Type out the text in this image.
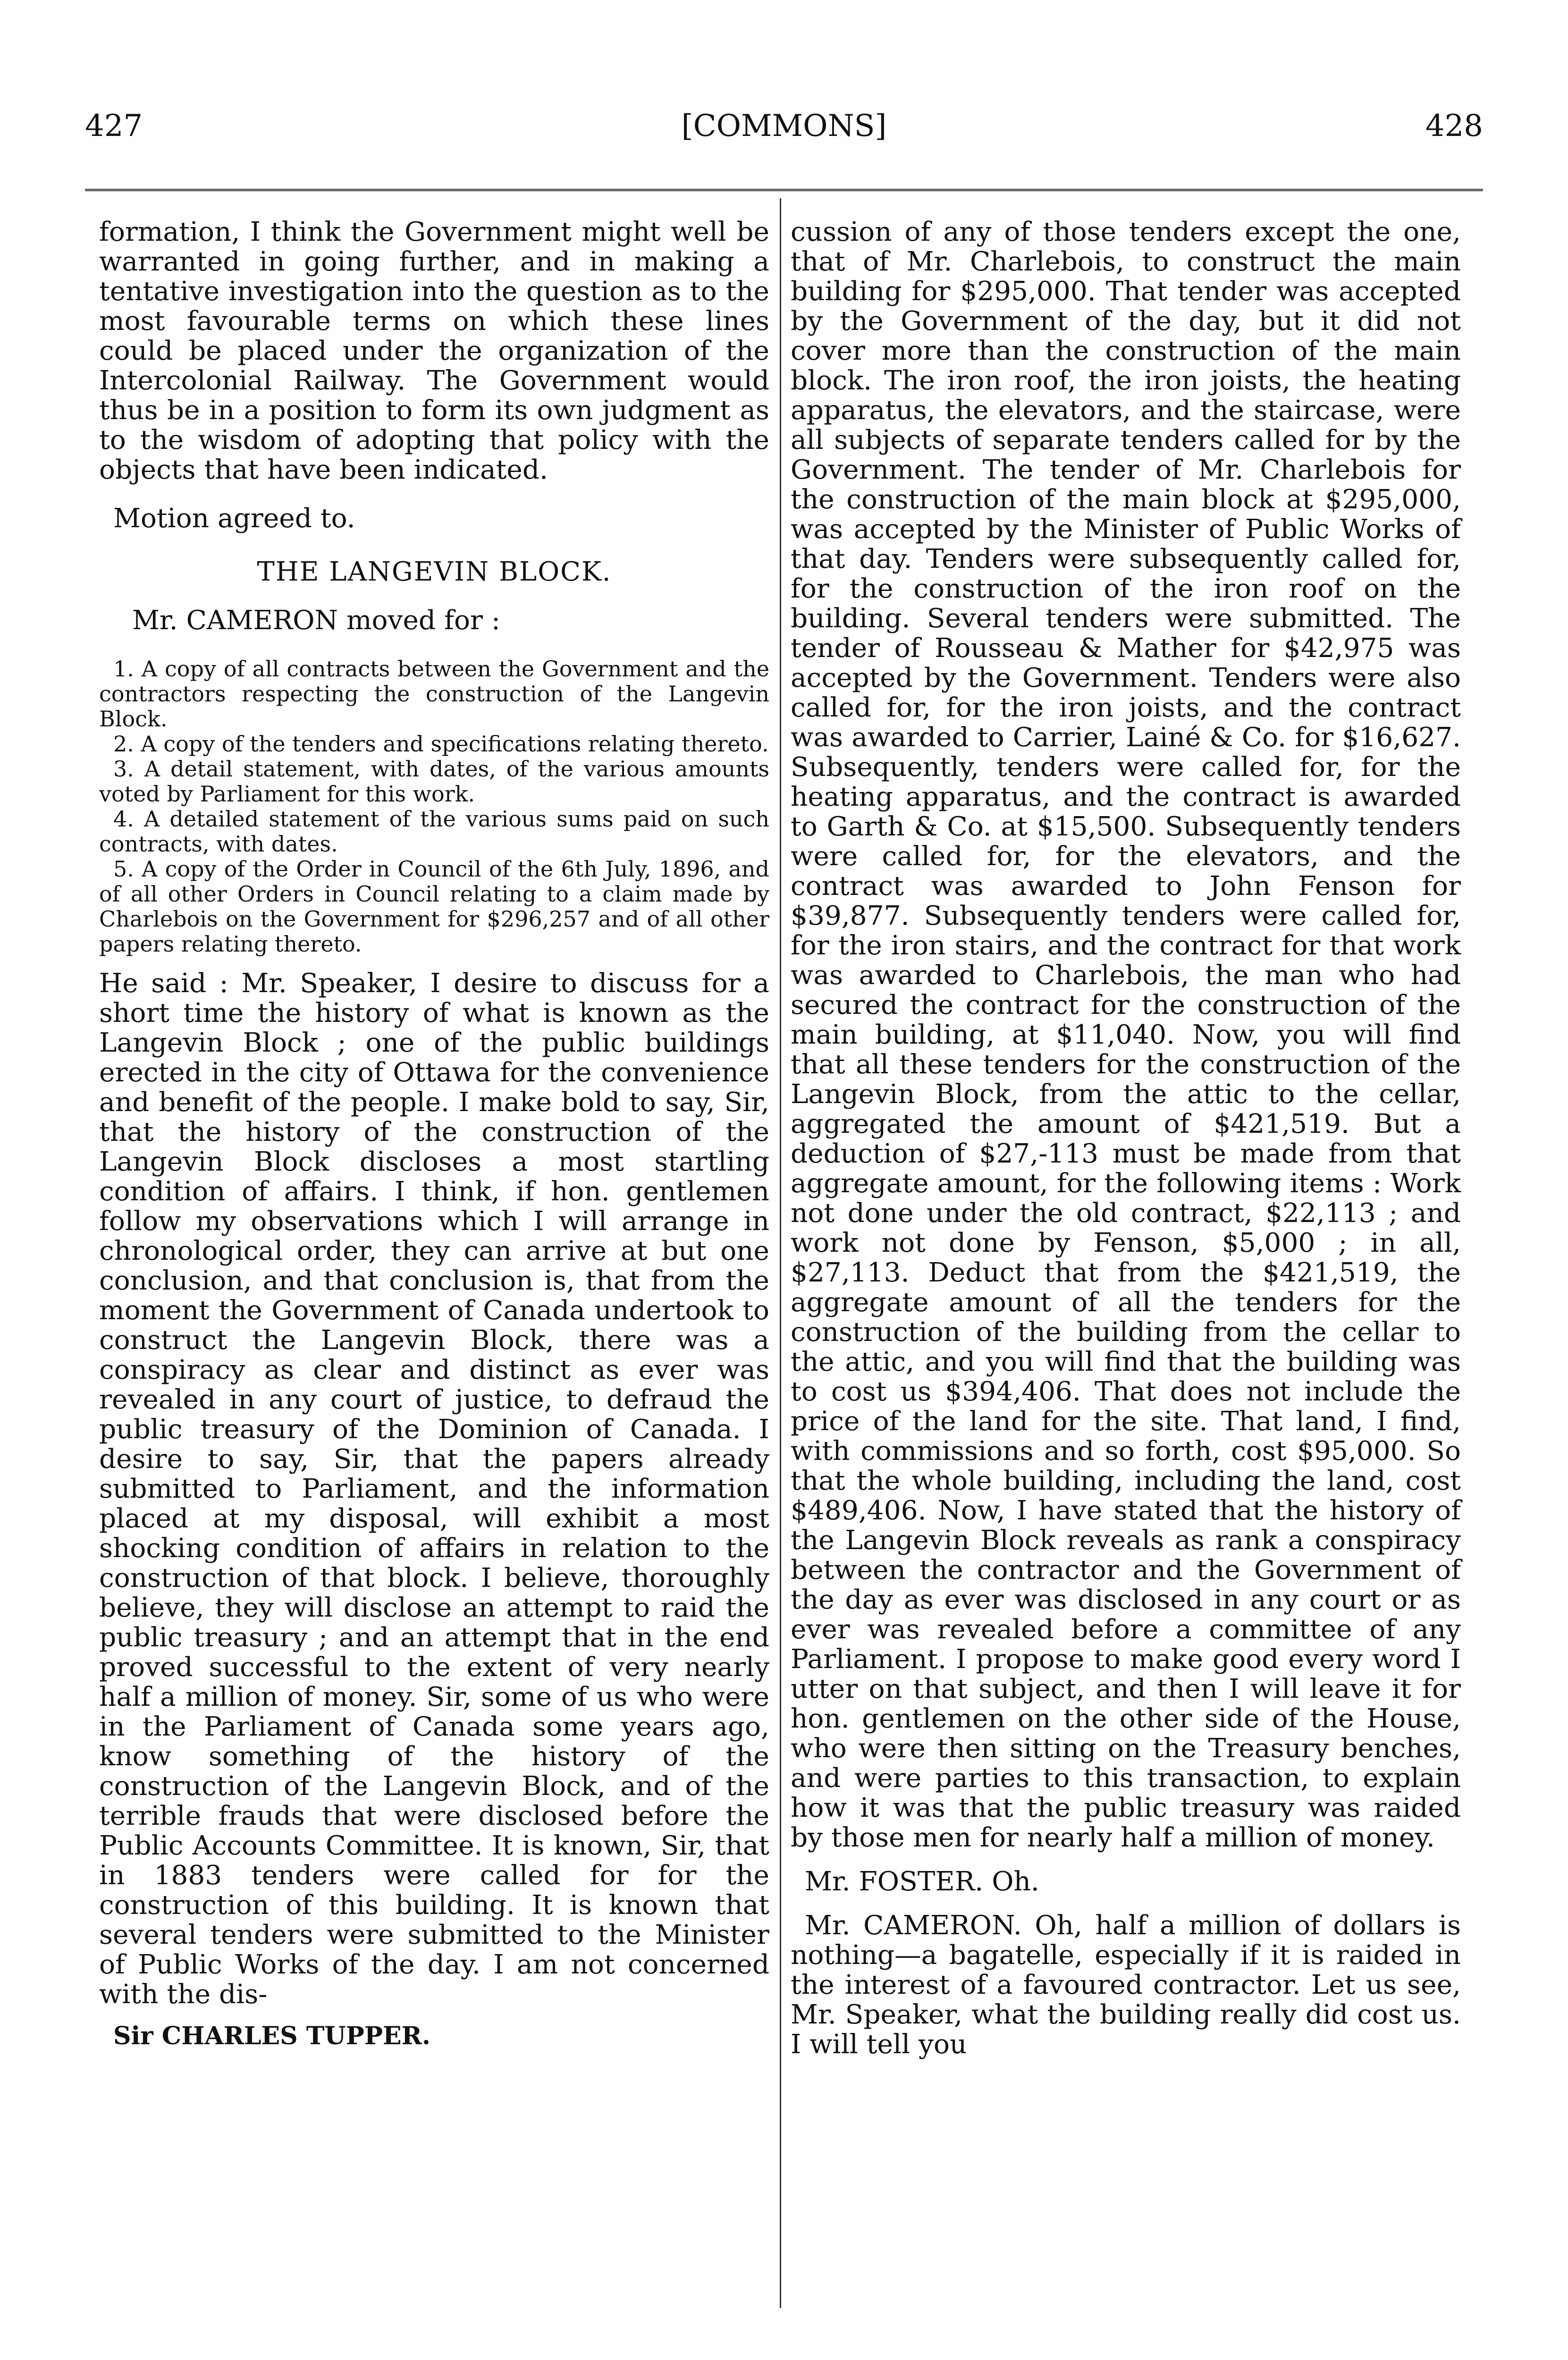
427	[COMMONS]	428

formation, I think the Government might well be warranted in going further, and in making a tentative investigation into the question as to the most favourable terms on which these lines could be placed under the organization of the Intercolonial Railway. The Government would thus be in a position to form its own judgment as to the wisdom of adopting that policy with the objects that have been indicated.

Motion agreed to.

THE LANGEVIN BLOCK.

Mr. CAMERON moved for :

1. A copy of all contracts between the Government and the contractors respecting the construction of the Langevin Block.

2. A copy of the tenders and specifications relating thereto.

3. A detail statement, with dates, of the various amounts voted by Parliament for this work.

4. A detailed statement of the various sums paid on such contracts, with dates.

5. A copy of the Order in Council of the 6th July, 1896, and of all other Orders in Council relating to a claim made by Charlebois on the Government for $296,257 and of all other papers relating thereto.

He said : Mr. Speaker, I desire to discuss for a short time the history of what is known as the Langevin Block ; one of the public buildings erected in the city of Ottawa for the convenience and benefit of the people. I make bold to say, Sir, that the history of the construction of the Langevin Block discloses a most startling condition of affairs. I think, if hon. gentlemen follow my observations which I will arrange in chronological order, they can arrive at but one conclusion, and that conclusion is, that from the moment the Government of Canada undertook to construct the Langevin Block, there was a conspiracy as clear and distinct as ever was revealed in any court of justice, to defraud the public treasury of the Dominion of Canada. I desire to say, Sir, that the papers already submitted to Parliament, and the information placed at my disposal, will exhibit a most shocking condition of affairs in relation to the construction of that block. I believe, thoroughly believe, they will disclose an attempt to raid the public treasury ; and an attempt that in the end proved successful to the extent of very nearly half a million of money. Sir, some of us who were in the Parliament of Canada some years ago, know something of the history of the construction of the Langevin Block, and of the terrible frauds that were disclosed before the Public Accounts Committee. It is known, Sir, that in 1883 tenders were called for for the construction of this building. It is known that several tenders were submitted to the Minister of Public Works of the day. I am not concerned with the dis-

Sir CHARLES TUPPER.

cussion of any of those tenders except the one, that of Mr. Charlebois, to construct the main building for $295,000. That tender was accepted by the Government of the day, but it did not cover more than the construction of the main block. The iron roof, the iron joists, the heating apparatus, the elevators, and the staircase, were all subjects of separate tenders called for by the Government. The tender of Mr. Charlebois for the construction of the main block at $295,000, was accepted by the Minister of Public Works of that day. Tenders were subsequently called for, for the construction of the iron roof on the building. Several tenders were submitted. The tender of Rousseau & Mather for $42,975 was accepted by the Government. Tenders were also called for, for the iron joists, and the contract was awarded to Carrier, Lainé & Co. for $16,627. Subsequently, tenders were called for, for the heating apparatus, and the contract is awarded to Garth & Co. at $15,500. Subsequently tenders were called for, for the elevators, and the contract was awarded to John Fenson for $39,877. Subsequently tenders were called for, for the iron stairs, and the contract for that work was awarded to Charlebois, the man who had secured the contract for the construction of the main building, at $11,040. Now, you will find that all these tenders for the construction of the Langevin Block, from the attic to the cellar, aggregated the amount of $421,519. But a deduction of $27,-113 must be made from that aggregate amount, for the following items : Work not done under the old contract, $22,113 ; and work not done by Fenson, $5,000 ; in all, $27,113. Deduct that from the $421,519, the aggregate amount of all the tenders for the construction of the building from the cellar to the attic, and you will find that the building was to cost us $394,406. That does not include the price of the land for the site. That land, I find, with commissions and so forth, cost $95,000. So that the whole building, including the land, cost $489,406. Now, I have stated that the history of the Langevin Block reveals as rank a conspiracy between the contractor and the Government of the day as ever was disclosed in any court or as ever was revealed before a committee of any Parliament. I propose to make good every word I utter on that subject, and then I will leave it for hon. gentlemen on the other side of the House, who were then sitting on the Treasury benches, and were parties to this transaction, to explain how it was that the public treasury was raided by those men for nearly half a million of money.

Mr. FOSTER. Oh.

Mr. CAMERON. Oh, half a million of dollars is nothing—a bagatelle, especially if it is raided in the interest of a favoured contractor. Let us see, Mr. Speaker, what the building really did cost us. I will tell you
